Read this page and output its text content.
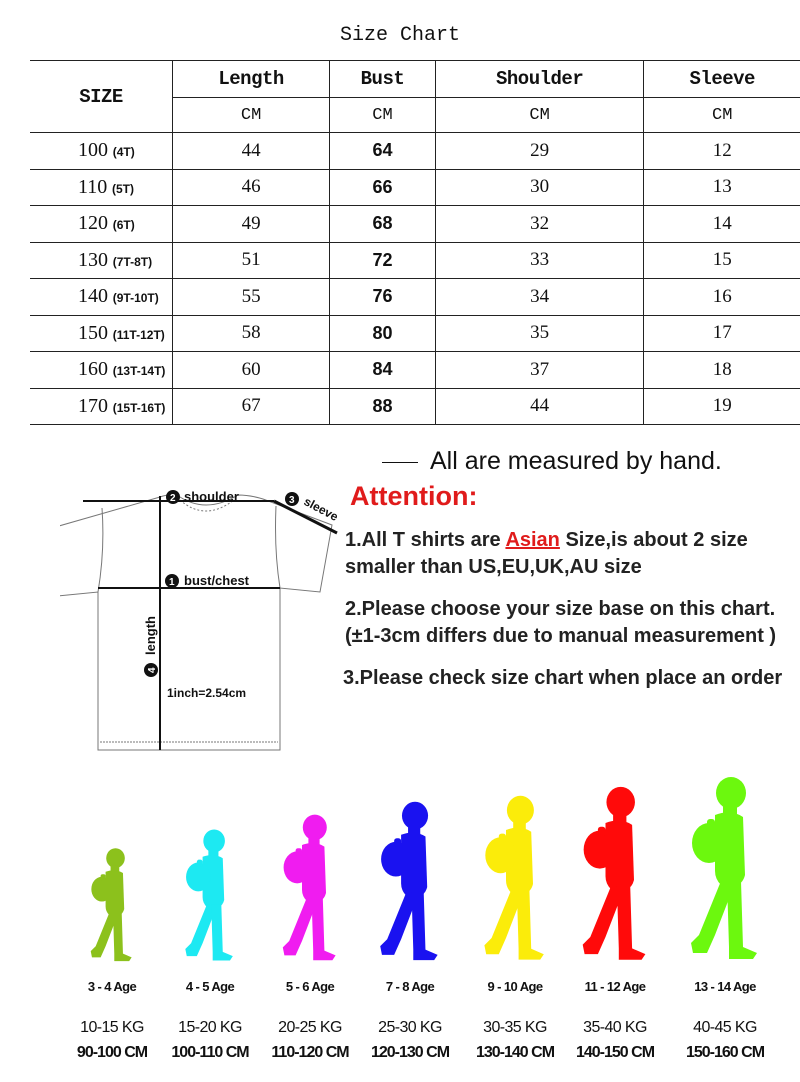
Size Chart
SIZE	Length	Bust	Shoulder	Sleeve
	CM	CM	CM	CM
100 (4T)	44	64	29	12
110 (5T)	46	66	30	13
120 (6T)	49	68	32	14
130 (7T-8T)	51	72	33	15
140 (9T-10T)	55	76	34	16
150 (11T-12T)	58	80	35	17
160 (13T-14T)	60	84	37	18
170 (15T-16T)	67	88	44	19
All are measured by hand.
2 shoulder	3 sleeve
1 bust/chest
4
length
1inch=2.54cm
Attention:

1.All T shirts are Asian Size,is about 2 size smaller than US,EU,UK,AU size

2.Please choose your size base on this chart.(±1-3cm differs due to manual measurement )

3.Please check size chart when place an order

3 - 4 Age
10-15 KG
90-100 CM
4 - 5 Age
15-20 KG
100-110 CM
5 - 6 Age
20-25 KG
110-120 CM
7 - 8 Age
25-30 KG
120-130 CM
9 - 10 Age
30-35 KG
130-140 CM
11 - 12 Age
35-40 KG
140-150 CM
13 - 14 Age
40-45 KG
150-160 CM
